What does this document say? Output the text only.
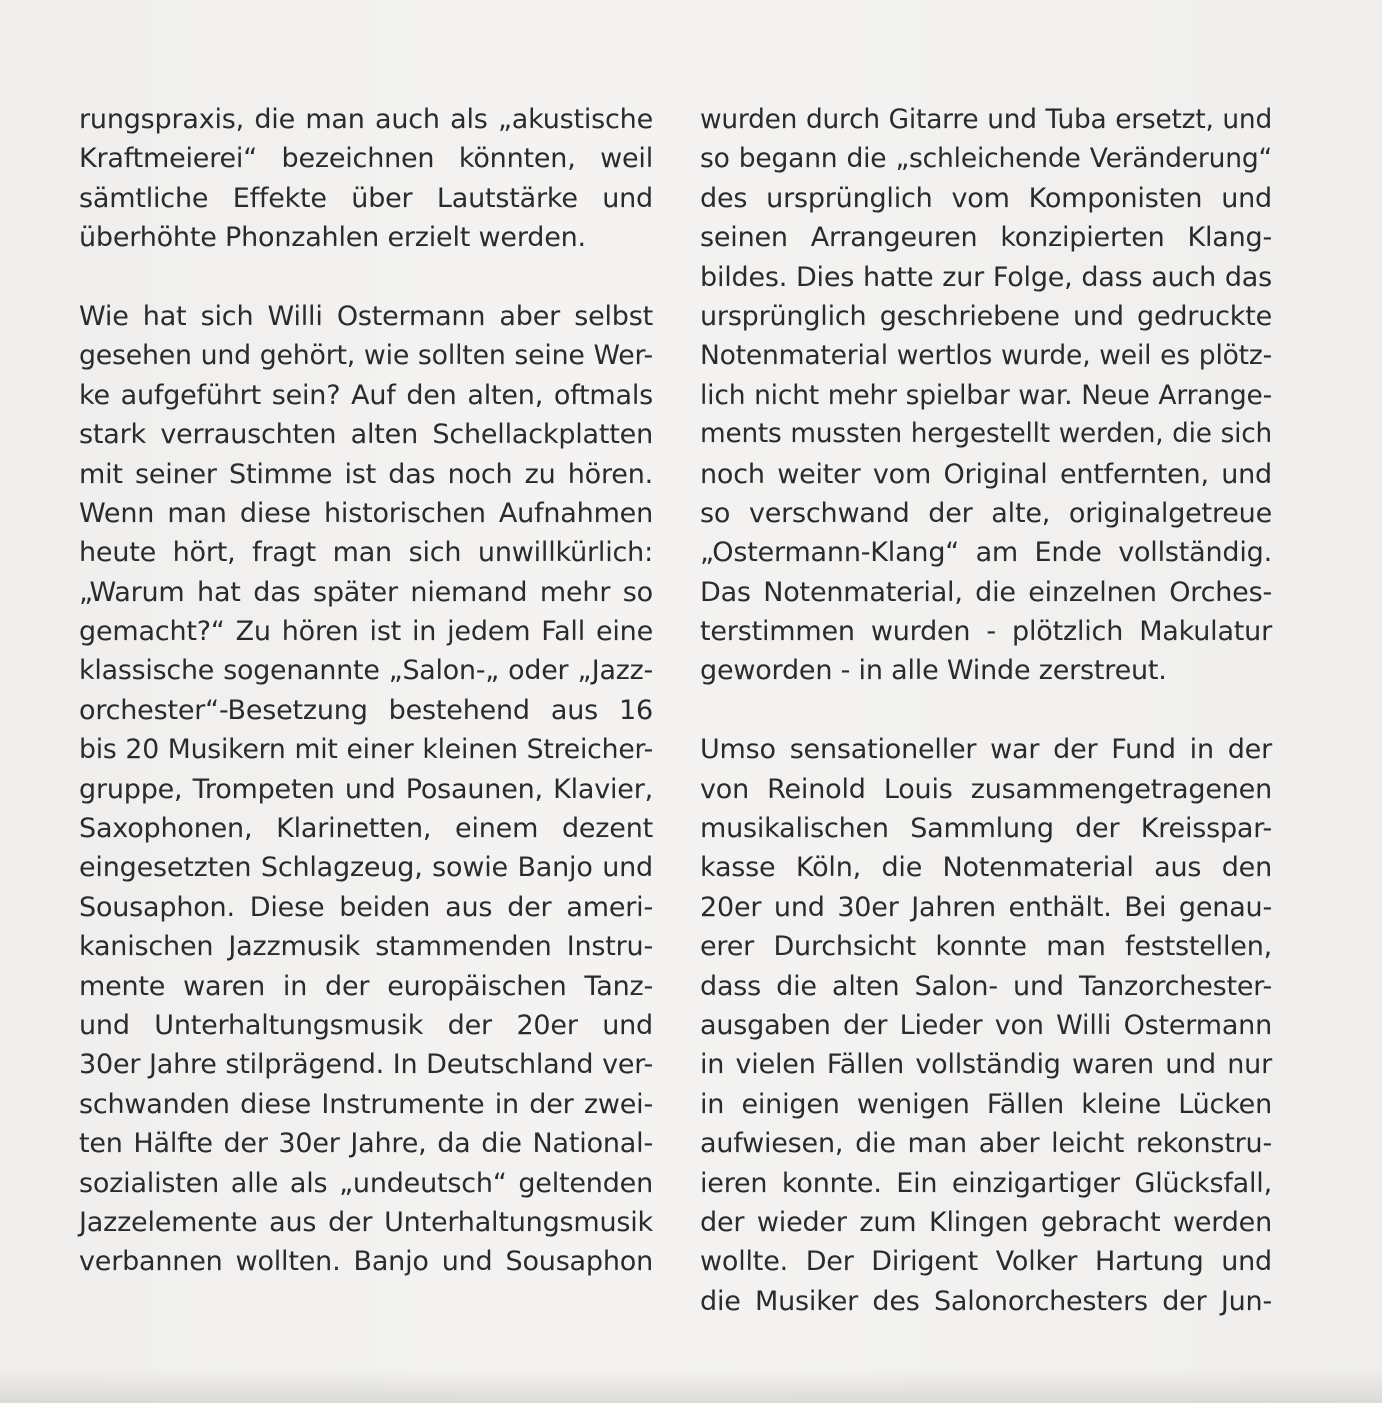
rungspraxis, die man auch als „akustische
Kraftmeierei“ bezeichnen könnten, weil
sämtliche Effekte über Lautstärke und
überhöhte Phonzahlen erzielt werden.

Wie hat sich Willi Ostermann aber selbst
gesehen und gehört, wie sollten seine Wer-
ke aufgeführt sein? Auf den alten, oftmals
stark verrauschten alten Schellackplatten
mit seiner Stimme ist das noch zu hören.
Wenn man diese historischen Aufnahmen
heute hört, fragt man sich unwillkürlich:
„Warum hat das später niemand mehr so
gemacht?“ Zu hören ist in jedem Fall eine
klassische sogenannte „Salon-„ oder „Jazz-
orchester“-Besetzung bestehend aus 16
bis 20 Musikern mit einer kleinen Streicher-
gruppe, Trompeten und Posaunen, Klavier,
Saxophonen, Klarinetten, einem dezent
eingesetzten Schlagzeug, sowie Banjo und
Sousaphon. Diese beiden aus der ameri-
kanischen Jazzmusik stammenden Instru-
mente waren in der europäischen Tanz-
und Unterhaltungsmusik der 20er und
30er Jahre stilprägend. In Deutschland ver-
schwanden diese Instrumente in der zwei-
ten Hälfte der 30er Jahre, da die National-
sozialisten alle als „undeutsch“ geltenden
Jazzelemente aus der Unterhaltungsmusik
verbannen wollten. Banjo und Sousaphon

wurden durch Gitarre und Tuba ersetzt, und
so begann die „schleichende Veränderung“
des ursprünglich vom Komponisten und
seinen Arrangeuren konzipierten Klang-
bildes. Dies hatte zur Folge, dass auch das
ursprünglich geschriebene und gedruckte
Notenmaterial wertlos wurde, weil es plötz-
lich nicht mehr spielbar war. Neue Arrange-
ments mussten hergestellt werden, die sich
noch weiter vom Original entfernten, und
so verschwand der alte, originalgetreue
„Ostermann-Klang“ am Ende vollständig.
Das Notenmaterial, die einzelnen Orches-
terstimmen wurden - plötzlich Makulatur
geworden - in alle Winde zerstreut.

Umso sensationeller war der Fund in der
von Reinold Louis zusammengetragenen
musikalischen Sammlung der Kreisspar-
kasse Köln, die Notenmaterial aus den
20er und 30er Jahren enthält. Bei genau-
erer Durchsicht konnte man feststellen,
dass die alten Salon- und Tanzorchester-
ausgaben der Lieder von Willi Ostermann
in vielen Fällen vollständig waren und nur
in einigen wenigen Fällen kleine Lücken
aufwiesen, die man aber leicht rekonstru-
ieren konnte. Ein einzigartiger Glücksfall,
der wieder zum Klingen gebracht werden
wollte. Der Dirigent Volker Hartung und
die Musiker des Salonorchesters der Jun-
